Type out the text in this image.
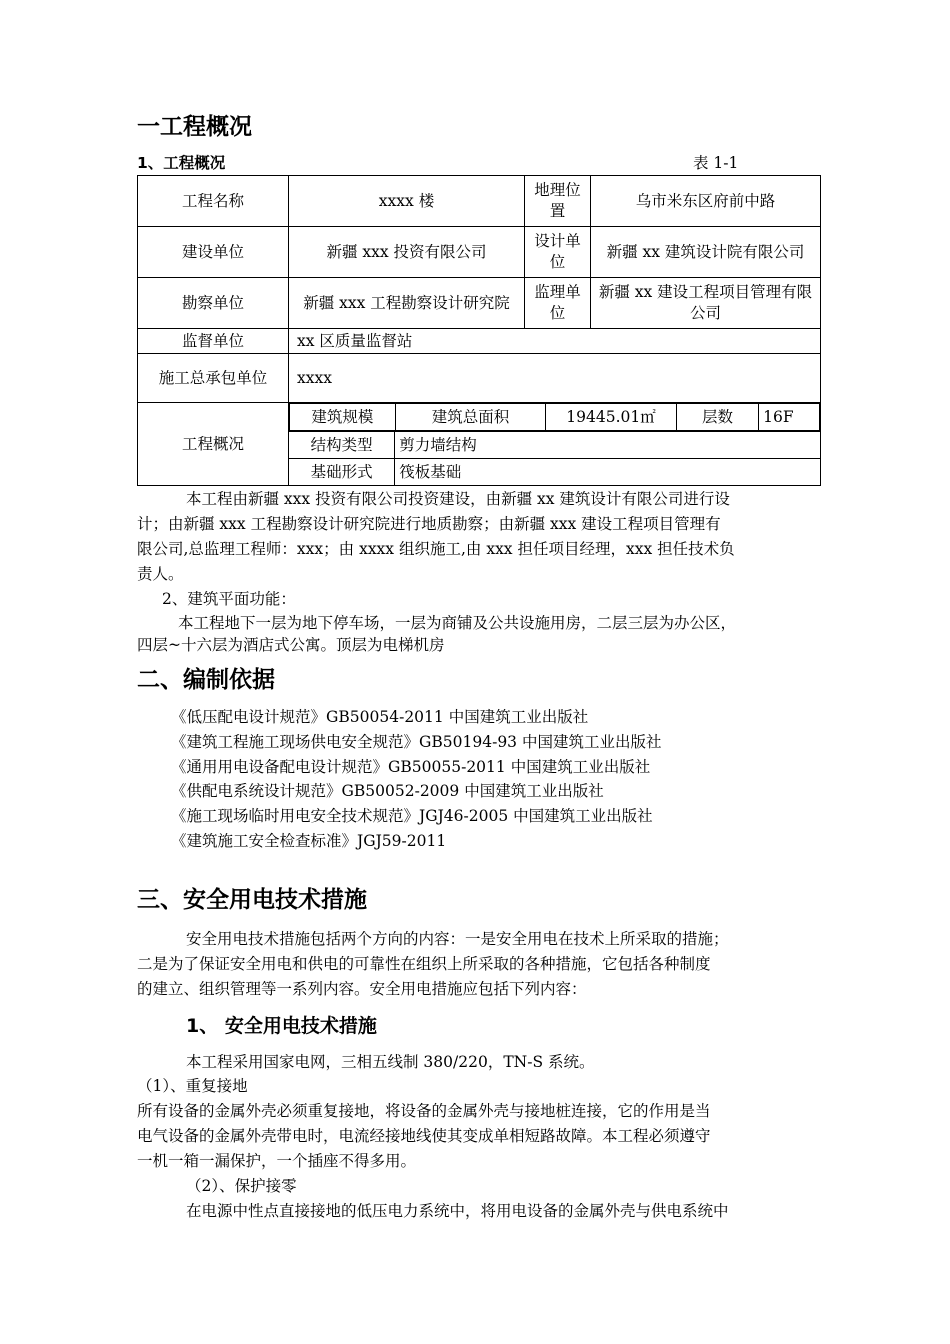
一工程概况
1、工程概况	表 1-1
工程名称	xxxx 楼	地理位置	乌市米东区府前中路
建设单位	新疆 xxx 投资有限公司	设计单位	新疆 xx 建筑设计院有限公司
勘察单位	新疆 xxx 工程勘察设计研究院	监理单位	新疆 xx 建设工程项目管理有限公司
监督单位	xx 区质量监督站
施工总承包单位	xxxx
工程概况	
建筑规模	建筑总面积	19445.01㎡	层数	16F
结构类型	剪力墙结构
基础形式	筏板基础
本工程由新疆 xxx 投资有限公司投资建设，由新疆 xx 建筑设计有限公司进行设
计；由新疆 xxx 工程勘察设计研究院进行地质勘察；由新疆 xxx 建设工程项目管理有
限公司,总监理工程师：xxx；由 xxxx 组织施工,由 xxx 担任项目经理，xxx 担任技术负
责人。
2、建筑平面功能：
本工程地下一层为地下停车场，一层为商铺及公共设施用房，二层三层为办公区，
四层~十六层为酒店式公寓。顶层为电梯机房
二、编制依据
《低压配电设计规范》GB50054-2011 中国建筑工业出版社
《建筑工程施工现场供电安全规范》GB50194-93 中国建筑工业出版社
《通用用电设备配电设计规范》GB50055-2011 中国建筑工业出版社
《供配电系统设计规范》GB50052-2009 中国建筑工业出版社
《施工现场临时用电安全技术规范》JGJ46-2005 中国建筑工业出版社
《建筑施工安全检查标准》JGJ59-2011
三、安全用电技术措施
安全用电技术措施包括两个方向的内容：一是安全用电在技术上所采取的措施；
二是为了保证安全用电和供电的可靠性在组织上所采取的各种措施，它包括各种制度
的建立、组织管理等一系列内容。安全用电措施应包括下列内容：
1、 安全用电技术措施
本工程采用国家电网，三相五线制 380/220，TN-S 系统。
（1）、重复接地
所有设备的金属外壳必须重复接地，将设备的金属外壳与接地桩连接，它的作用是当
电气设备的金属外壳带电时，电流经接地线使其变成单相短路故障。本工程必须遵守
一机一箱一漏保护，一个插座不得多用。
（2）、保护接零
在电源中性点直接接地的低压电力系统中，将用电设备的金属外壳与供电系统中
